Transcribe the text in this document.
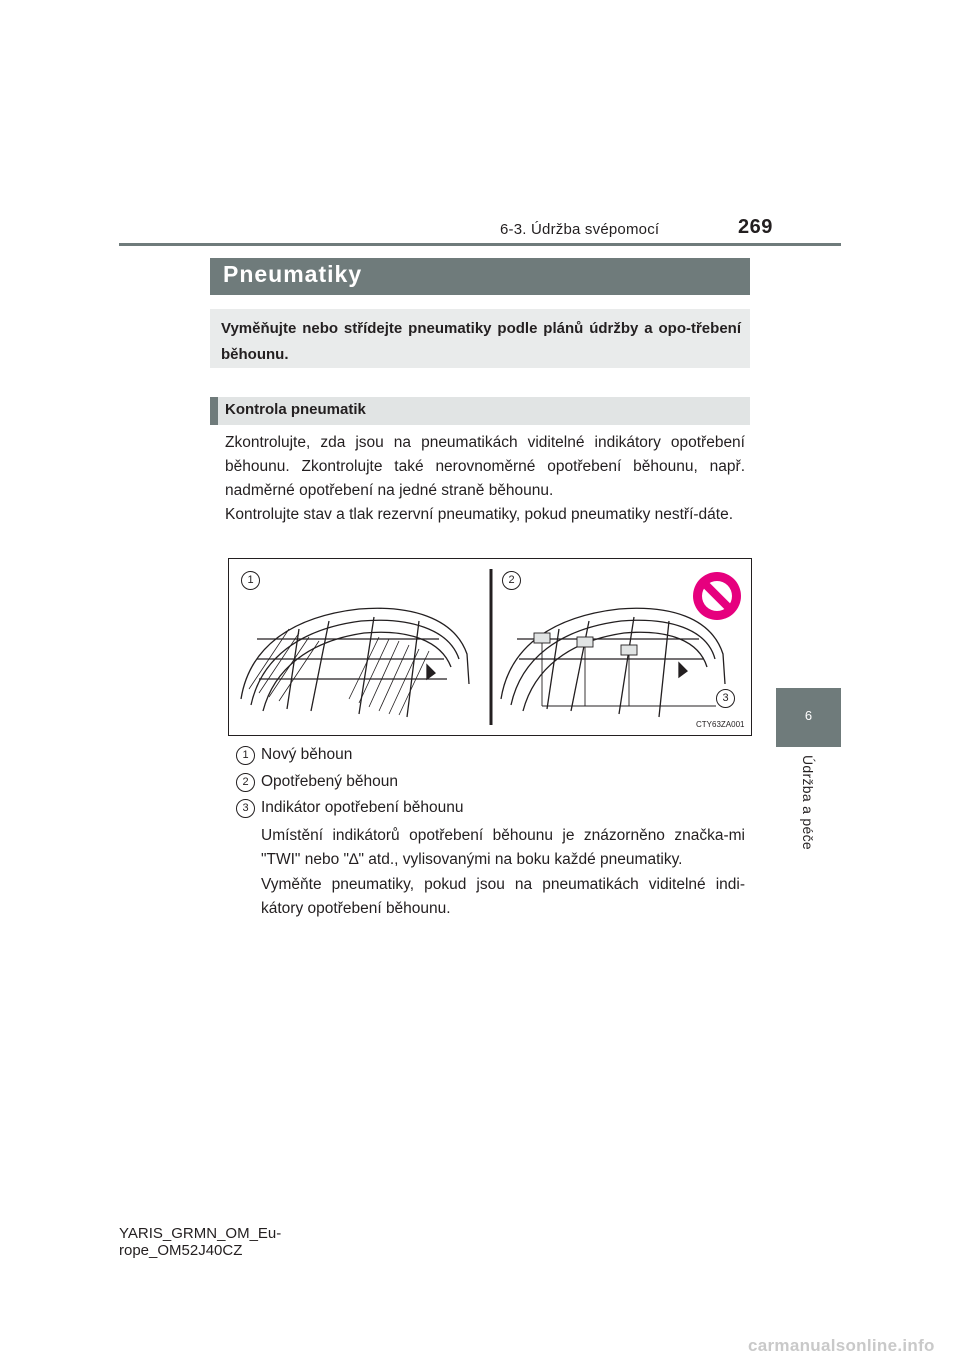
6-3. Údržba svépomocí	269
6
Údržba a péče
Pneumatiky
Vyměňujte nebo střídejte pneumatiky podle plánů údržby a opo-třebení běhounu.
Kontrola pneumatik
Zkontrolujte, zda jsou na pneumatikách viditelné indikátory opotřebení běhounu. Zkontrolujte také nerovnoměrné opotřebení běhounu, např. nadměrné opotřebení na jedné straně běhounu.
Kontrolujte stav a tlak rezervní pneumatiky, pokud pneumatiky nestří-dáte.
1	2
3
CTY63ZA001
1 Nový běhoun
2 Opotřebený běhoun
3 Indikátor opotřebení běhounu
Umístění indikátorů opotřebení běhounu je znázorněno značka-mi "TWI" nebo "∆" atd., vylisovanými na boku každé pneumatiky.
Vyměňte pneumatiky, pokud jsou na pneumatikách viditelné indi-kátory opotřebení běhounu.
YARIS_GRMN_OM_Eu-
rope_OM52J40CZ
carmanualsonline.info
